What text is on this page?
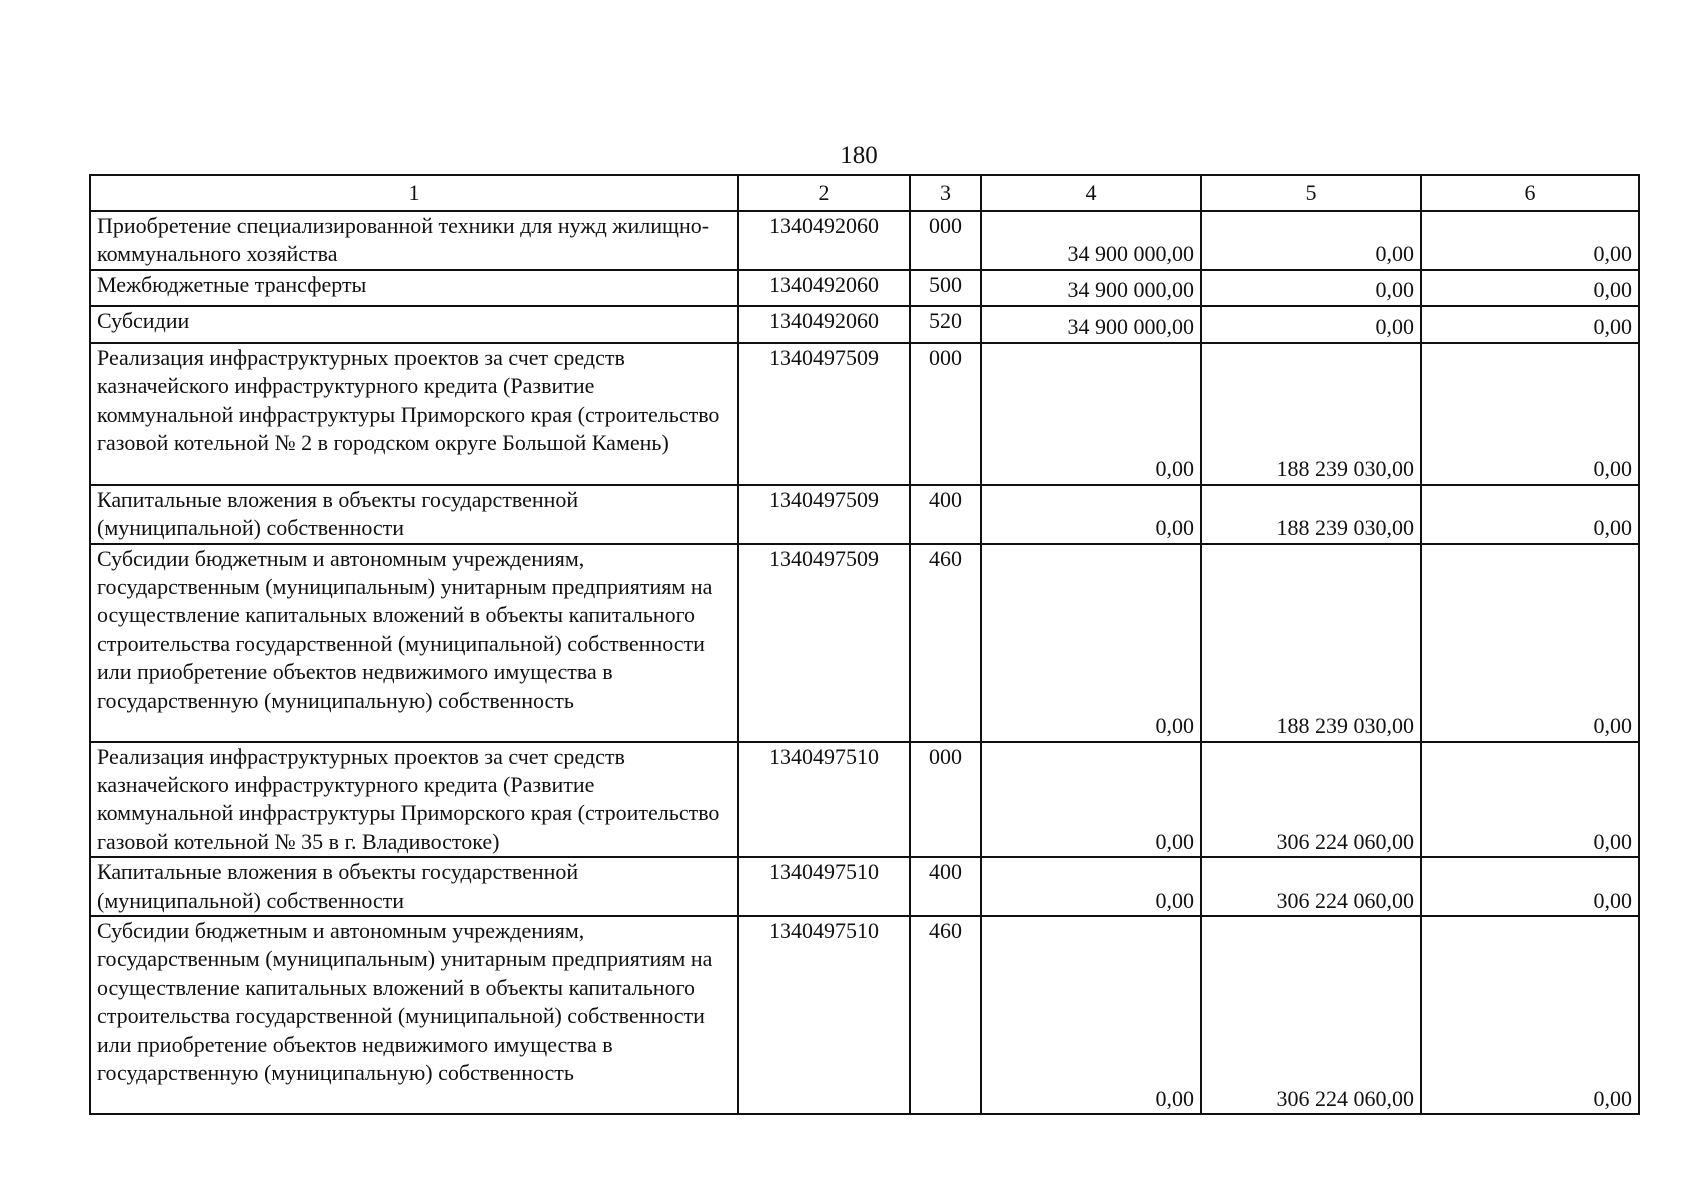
180
1	2	3	4	5	6
Приобретение специализированной техники для нужд жилищно-коммунального хозяйства	1340492060	000	34 900 000,00	0,00	0,00
Межбюджетные трансферты	1340492060	500	34 900 000,00	0,00	0,00
Субсидии	1340492060	520	34 900 000,00	0,00	0,00
Реализация инфраструктурных проектов за счет средств казначейского инфраструктурного кредита (Развитие коммунальной инфраструктуры Приморского края (строительство газовой котельной № 2 в городском округе Большой Камень)	1340497509	000	0,00	188 239 030,00	0,00
Капитальные вложения в объекты государственной (муниципальной) собственности	1340497509	400	0,00	188 239 030,00	0,00
Субсидии бюджетным и автономным учреждениям, государственным (муниципальным) унитарным предприятиям на осуществление капитальных вложений в объекты капитального строительства государственной (муниципальной) собственности или приобретение объектов недвижимого имущества в государственную (муниципальную) собственность	1340497509	460	0,00	188 239 030,00	0,00
Реализация инфраструктурных проектов за счет средств казначейского инфраструктурного кредита (Развитие коммунальной инфраструктуры Приморского края (строительство газовой котельной № 35 в г. Владивостоке)	1340497510	000	0,00	306 224 060,00	0,00
Капитальные вложения в объекты государственной (муниципальной) собственности	1340497510	400	0,00	306 224 060,00	0,00
Субсидии бюджетным и автономным учреждениям, государственным (муниципальным) унитарным предприятиям на осуществление капитальных вложений в объекты капитального строительства государственной (муниципальной) собственности или приобретение объектов недвижимого имущества в государственную (муниципальную) собственность	1340497510	460	0,00	306 224 060,00	0,00
